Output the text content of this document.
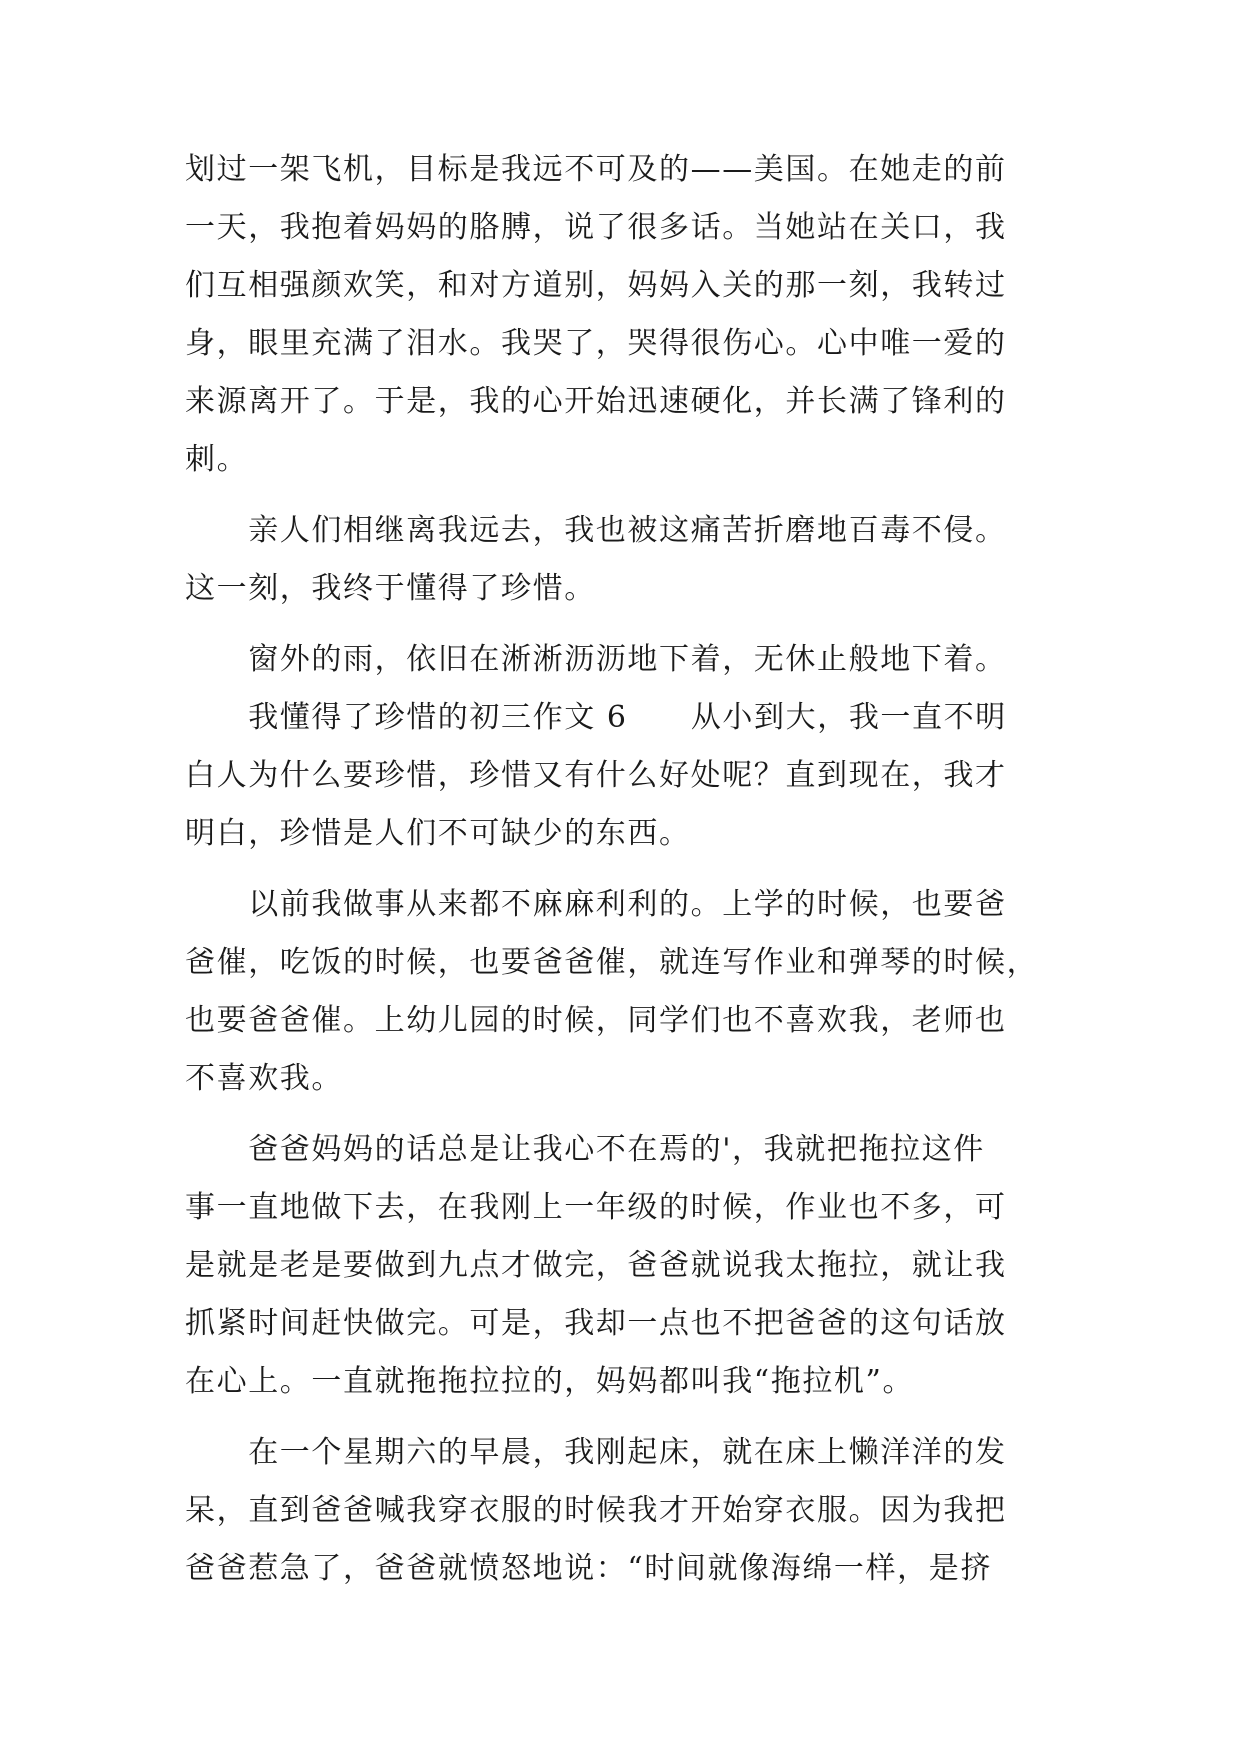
划过一架飞机，目标是我远不可及的——美国。在她走的前
一天，我抱着妈妈的胳膊，说了很多话。当她站在关口，我
们互相强颜欢笑，和对方道别，妈妈入关的那一刻，我转过
身，眼里充满了泪水。我哭了，哭得很伤心。心中唯一爱的
来源离开了。于是，我的心开始迅速硬化，并长满了锋利的
刺。
　　亲人们相继离我远去，我也被这痛苦折磨地百毒不侵。
这一刻，我终于懂得了珍惜。
　　窗外的雨，依旧在淅淅沥沥地下着，无休止般地下着。
　　我懂得了珍惜的初三作文 6　　从小到大，我一直不明
白人为什么要珍惜，珍惜又有什么好处呢？直到现在，我才
明白，珍惜是人们不可缺少的东西。
　　以前我做事从来都不麻麻利利的。上学的时候，也要爸
爸催，吃饭的时候，也要爸爸催，就连写作业和弹琴的时候，
也要爸爸催。上幼儿园的时候，同学们也不喜欢我，老师也
不喜欢我。
　　爸爸妈妈的话总是让我心不在焉的'，我就把拖拉这件
事一直地做下去，在我刚上一年级的时候，作业也不多，可
是就是老是要做到九点才做完，爸爸就说我太拖拉，就让我
抓紧时间赶快做完。可是，我却一点也不把爸爸的这句话放
在心上。一直就拖拖拉拉的，妈妈都叫我“拖拉机”。
　　在一个星期六的早晨，我刚起床，就在床上懒洋洋的发
呆，直到爸爸喊我穿衣服的时候我才开始穿衣服。因为我把
爸爸惹急了，爸爸就愤怒地说：“时间就像海绵一样，是挤
